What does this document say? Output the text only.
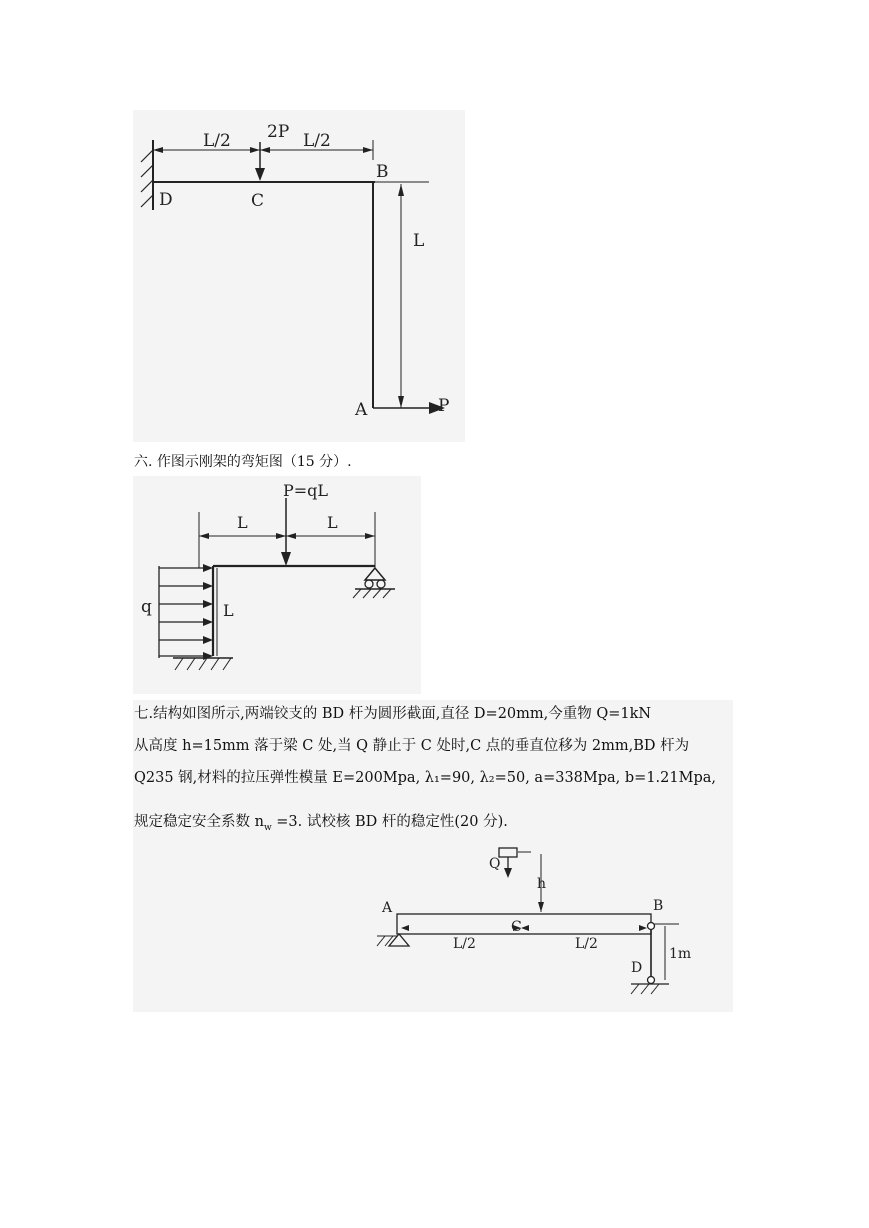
L/2 2P L/2
D	C
B
L
A	P
六. 作图示刚架的弯矩图（15 分）.
P=qL
L	L
q	L
七.结构如图所示,两端铰支的 BD 杆为圆形截面,直径 D=20mm,今重物 Q=1kN
从高度 h=15mm 落于梁 C 处,当 Q 静止于 C 处时,C 点的垂直位移为 2mm,BD 杆为
Q235 钢,材料的拉压弹性模量 E=200Mpa, λ₁=90, λ₂=50, a=338Mpa, b=1.21Mpa,
规定稳定安全系数 $n_w =3$. 试校核 BD 杆的稳定性(20 分).
Q
h
A	B
C
L/2	L/2
D
1m
